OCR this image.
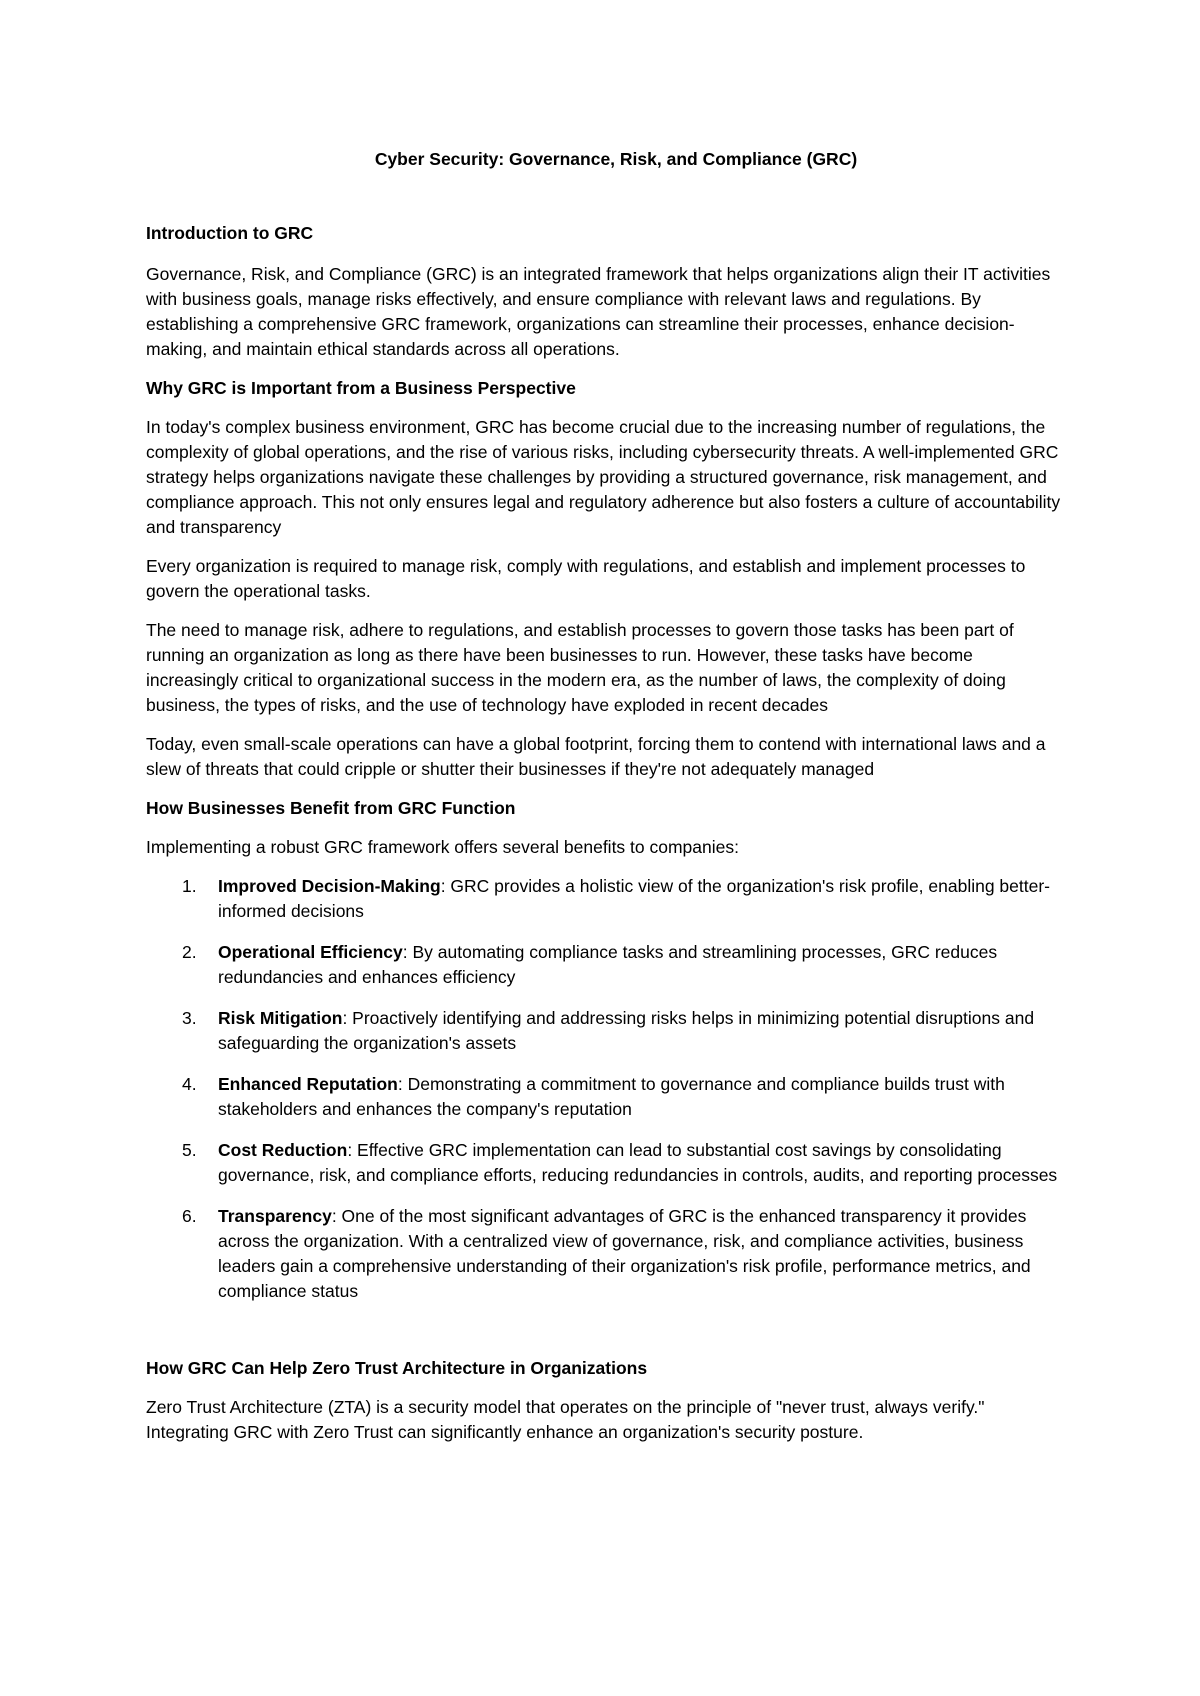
Cyber Security: Governance, Risk, and Compliance (GRC)
Introduction to GRC

Governance, Risk, and Compliance (GRC) is an integrated framework that helps organizations align their IT activities with business goals, manage risks effectively, and ensure compliance with relevant laws and regulations. By establishing a comprehensive GRC framework, organizations can streamline their processes, enhance decision-making, and maintain ethical standards across all operations.

Why GRC is Important from a Business Perspective

In today's complex business environment, GRC has become crucial due to the increasing number of regulations, the complexity of global operations, and the rise of various risks, including cybersecurity threats. A well-implemented GRC strategy helps organizations navigate these challenges by providing a structured governance, risk management, and compliance approach. This not only ensures legal and regulatory adherence but also fosters a culture of accountability and transparency

Every organization is required to manage risk, comply with regulations, and establish and implement processes to govern the operational tasks.

The need to manage risk, adhere to regulations, and establish processes to govern those tasks has been part of running an organization as long as there have been businesses to run. However, these tasks have become increasingly critical to organizational success in the modern era, as the number of laws, the complexity of doing business, the types of risks, and the use of technology have exploded in recent decades

Today, even small-scale operations can have a global footprint, forcing them to contend with international laws and a slew of threats that could cripple or shutter their businesses if they're not adequately managed

How Businesses Benefit from GRC Function

Implementing a robust GRC framework offers several benefits to companies:

1. Improved Decision-Making: GRC provides a holistic view of the organization's risk profile, enabling better-informed decisions
2. Operational Efficiency: By automating compliance tasks and streamlining processes, GRC reduces redundancies and enhances efficiency
3. Risk Mitigation: Proactively identifying and addressing risks helps in minimizing potential disruptions and safeguarding the organization's assets
4. Enhanced Reputation: Demonstrating a commitment to governance and compliance builds trust with stakeholders and enhances the company's reputation
5. Cost Reduction: Effective GRC implementation can lead to substantial cost savings by consolidating governance, risk, and compliance efforts, reducing redundancies in controls, audits, and reporting processes
6. Transparency: One of the most significant advantages of GRC is the enhanced transparency it provides across the organization. With a centralized view of governance, risk, and compliance activities, business leaders gain a comprehensive understanding of their organization's risk profile, performance metrics, and compliance status
How GRC Can Help Zero Trust Architecture in Organizations

Zero Trust Architecture (ZTA) is a security model that operates on the principle of "never trust, always verify." Integrating GRC with Zero Trust can significantly enhance an organization's security posture.
